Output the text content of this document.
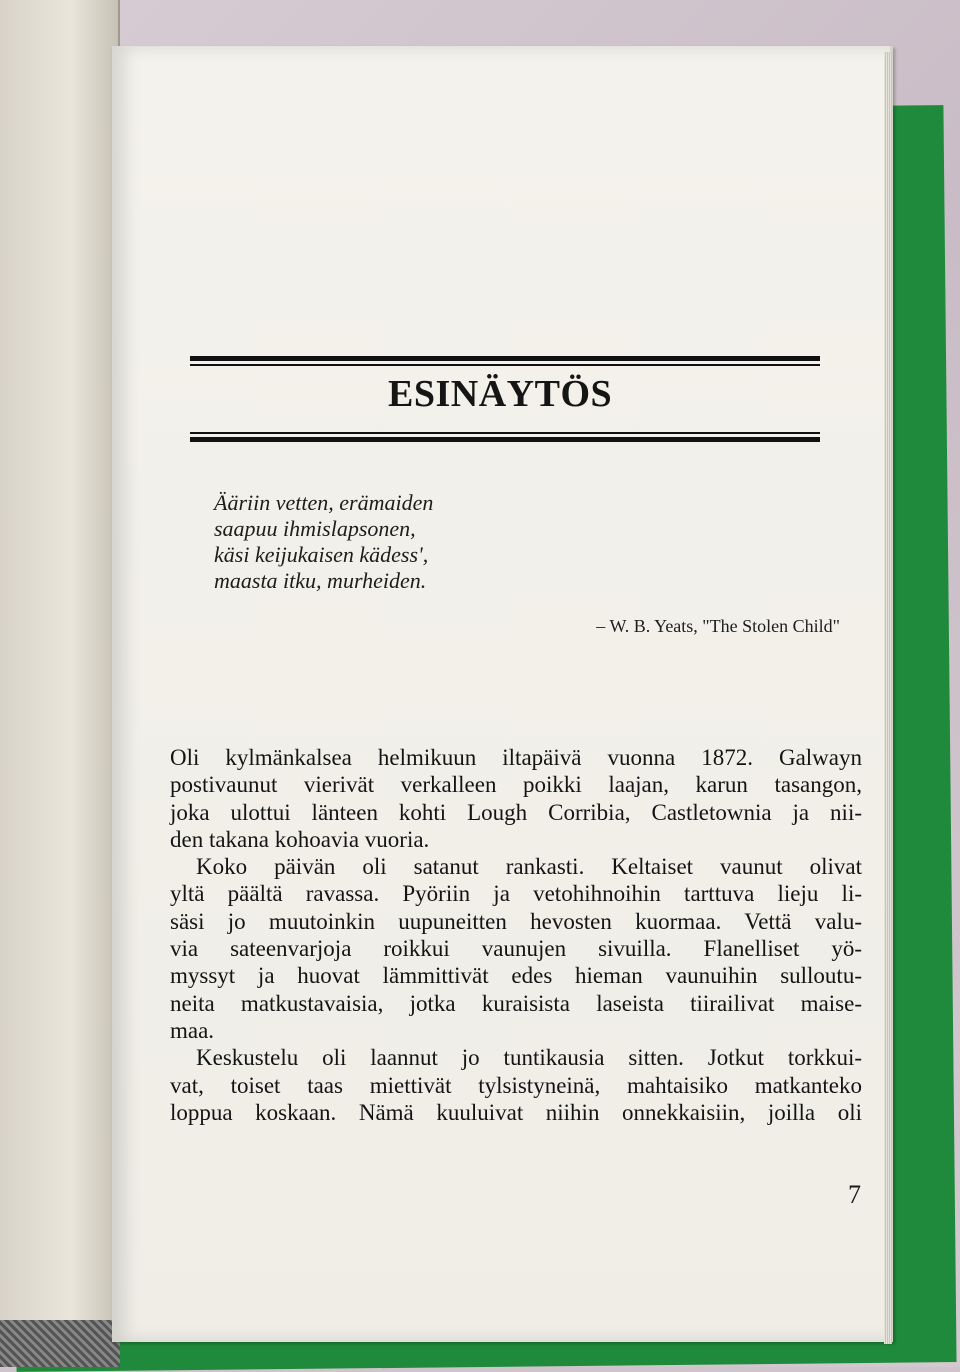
ESINÄYTÖS
Ääriin vetten, erämaiden
saapuu ihmislapsonen,
käsi keijukaisen kädess',
maasta itku, murheiden.
– W. B. Yeats, "The Stolen Child"
Oli kylmänkalsea helmikuun iltapäivä vuonna 1872. Galwayn
postivaunut vierivät verkalleen poikki laajan, karun tasangon,
joka ulottui länteen kohti Lough Corribia, Castletownia ja nii-
den takana kohoavia vuoria.
Koko päivän oli satanut rankasti. Keltaiset vaunut olivat
yltä päältä ravassa. Pyöriin ja vetohihnoihin tarttuva lieju li-
säsi jo muutoinkin uupuneitten hevosten kuormaa. Vettä valu-
via sateenvarjoja roikkui vaunujen sivuilla. Flanelliset yö-
myssyt ja huovat lämmittivät edes hieman vaunuihin sulloutu-
neita matkustavaisia, jotka kuraisista laseista tiirailivat maise-
maa.
Keskustelu oli laannut jo tuntikausia sitten. Jotkut torkkui-
vat, toiset taas miettivät tylsistyneinä, mahtaisiko matkanteko
loppua koskaan. Nämä kuuluivat niihin onnekkaisiin, joilla oli
7
